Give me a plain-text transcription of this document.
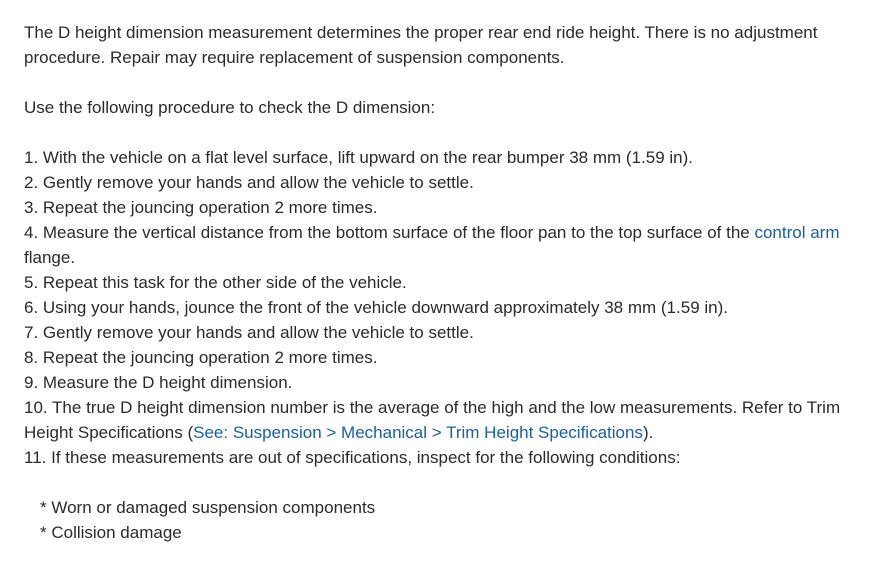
The D height dimension measurement determines the proper rear end ride height. There is no adjustment procedure. Repair may require replacement of suspension components.

Use the following procedure to check the D dimension:

1. With the vehicle on a flat level surface, lift upward on the rear bumper 38 mm (1.59 in).
2. Gently remove your hands and allow the vehicle to settle.
3. Repeat the jouncing operation 2 more times.
4. Measure the vertical distance from the bottom surface of the floor pan to the top surface of the control arm flange.
5. Repeat this task for the other side of the vehicle.
6. Using your hands, jounce the front of the vehicle downward approximately 38 mm (1.59 in).
7. Gently remove your hands and allow the vehicle to settle.
8. Repeat the jouncing operation 2 more times.
9. Measure the D height dimension.
10. The true D height dimension number is the average of the high and the low measurements. Refer to Trim Height Specifications (See: Suspension > Mechanical > Trim Height Specifications).
11. If these measurements are out of specifications, inspect for the following conditions:
* Worn or damaged suspension components
* Collision damage
